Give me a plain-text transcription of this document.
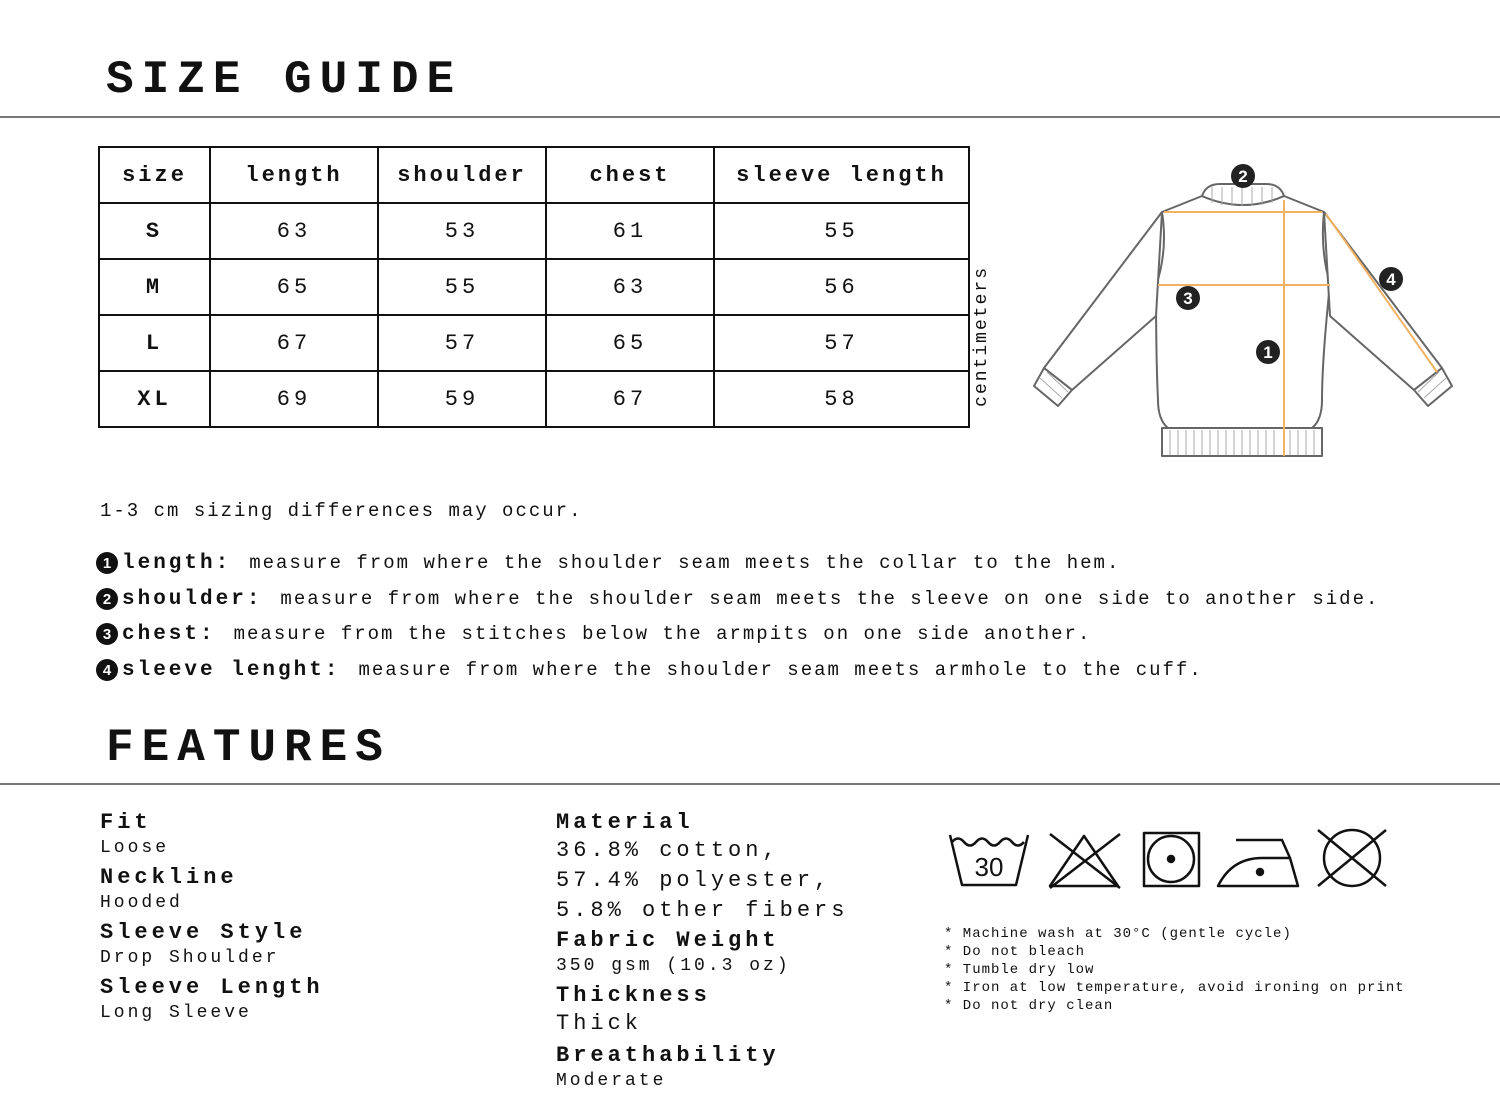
SIZE GUIDE
size	length	shoulder	chest	sleeve length
S	63	53	61	55
M	65	55	63	56
L	67	57	65	57
XL	69	59	67	58	centimeters
2
3
4
1
1-3 cm sizing differences may occur.
1 length: measure from where the shoulder seam meets the collar to the hem.
2 shoulder: measure from where the shoulder seam meets the sleeve on one side to another side.
3 chest: measure from the stitches below the armpits on one side another.
4 sleeve lenght: measure from where the shoulder seam meets armhole to the cuff.
FEATURES
Fit
Loose
Neckline
Hooded
Sleeve Style
Drop Shoulder
Sleeve Length
Long Sleeve
Material
36.8% cotton,
57.4% polyester,
5.8% other fibers
Fabric Weight
350 gsm (10.3 oz)
Thickness
Thick
Breathability
Moderate
30
* Machine wash at 30°C (gentle cycle)
* Do not bleach
* Tumble dry low
* Iron at low temperature, avoid ironing on print
* Do not dry clean
